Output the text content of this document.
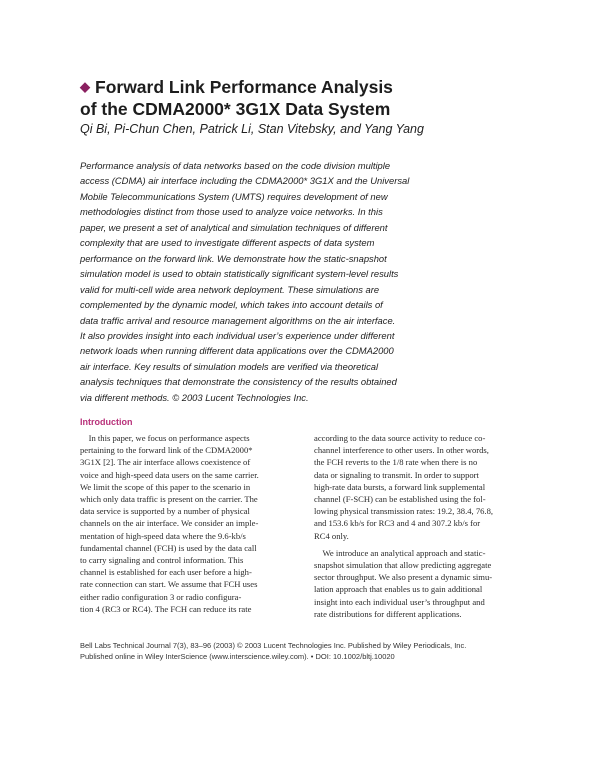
◆ Forward Link Performance Analysis
of the CDMA2000* 3G1X Data System
Qi Bi, Pi-Chun Chen, Patrick Li, Stan Vitebsky, and Yang Yang
Performance analysis of data networks based on the code division multiple
access (CDMA) air interface including the CDMA2000* 3G1X and the Universal
Mobile Telecommunications System (UMTS) requires development of new
methodologies distinct from those used to analyze voice networks. In this
paper, we present a set of analytical and simulation techniques of different
complexity that are used to investigate different aspects of data system
performance on the forward link. We demonstrate how the static-snapshot
simulation model is used to obtain statistically significant system-level results
valid for multi-cell wide area network deployment. These simulations are
complemented by the dynamic model, which takes into account details of
data traffic arrival and resource management algorithms on the air interface.
It also provides insight into each individual user’s experience under different
network loads when running different data applications over the CDMA2000
air interface. Key results of simulation models are verified via theoretical
analysis techniques that demonstrate the consistency of the results obtained
via different methods. © 2003 Lucent Technologies Inc.
Introduction
In this paper, we focus on performance aspects
pertaining to the forward link of the CDMA2000*
3G1X [2]. The air interface allows coexistence of
voice and high-speed data users on the same carrier.
We limit the scope of this paper to the scenario in
which only data traffic is present on the carrier. The
data service is supported by a number of physical
channels on the air interface. We consider an imple-
mentation of high-speed data where the 9.6-kb/s
fundamental channel (FCH) is used by the data call
to carry signaling and control information. This
channel is established for each user before a high-
rate connection can start. We assume that FCH uses
either radio configuration 3 or radio configura-
tion 4 (RC3 or RC4). The FCH can reduce its rate
according to the data source activity to reduce co-
channel interference to other users. In other words,
the FCH reverts to the 1/8 rate when there is no
data or signaling to transmit. In order to support
high-rate data bursts, a forward link supplemental
channel (F-SCH) can be established using the fol-
lowing physical transmission rates: 19.2, 38.4, 76.8,
and 153.6 kb/s for RC3 and 4 and 307.2 kb/s for
RC4 only.
We introduce an analytical approach and static-
snapshot simulation that allow predicting aggregate
sector throughput. We also present a dynamic simu-
lation approach that enables us to gain additional
insight into each individual user’s throughput and
rate distributions for different applications.
Bell Labs Technical Journal 7(3), 83–96 (2003) © 2003 Lucent Technologies Inc. Published by Wiley Periodicals, Inc.
Published online in Wiley InterScience (www.interscience.wiley.com). • DOI: 10.1002/bltj.10020
